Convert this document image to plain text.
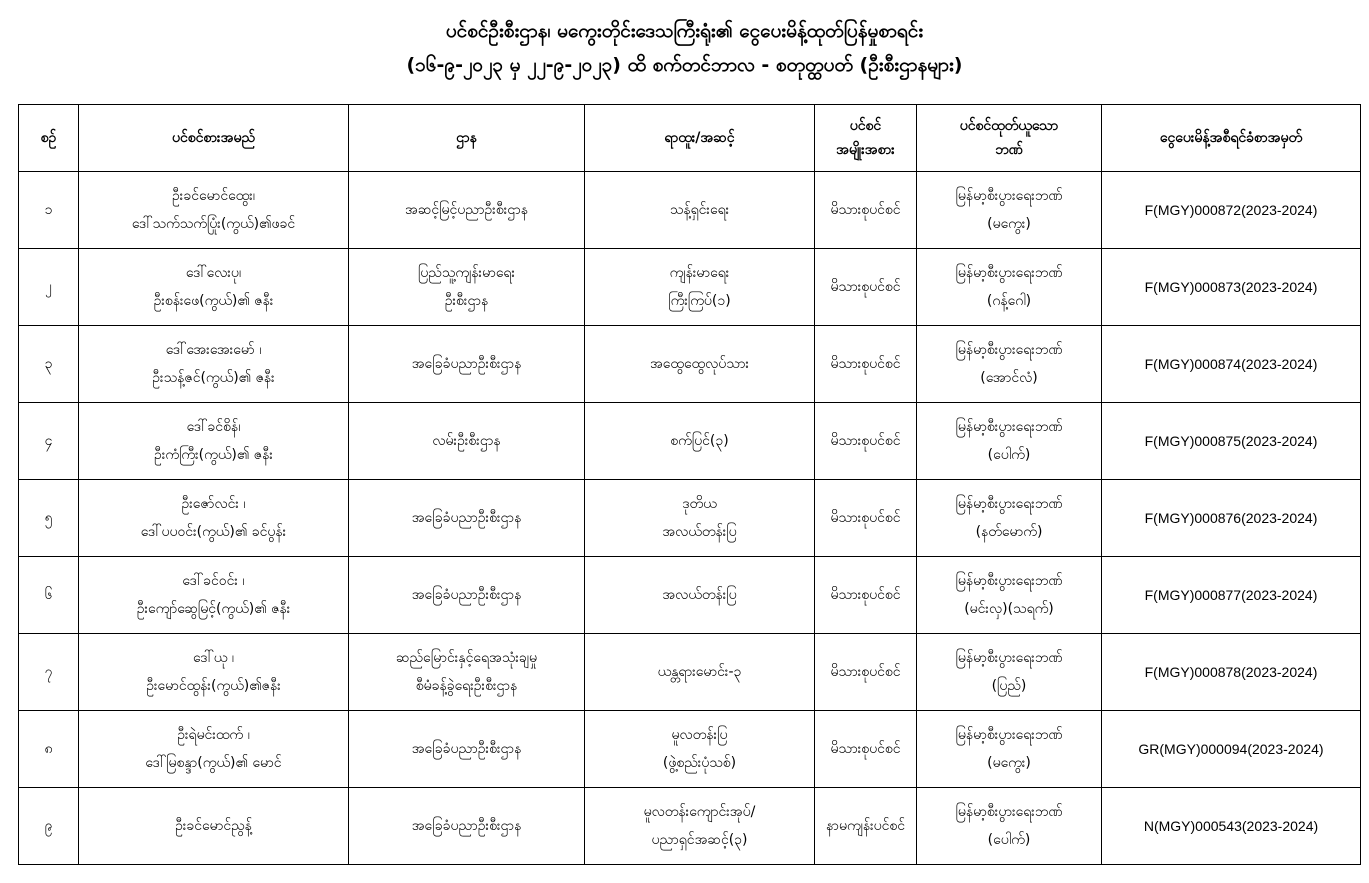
ပင်စင်ဦးစီးဌာန၊ မကွေးတိုင်းဒေသကြီးရုံး၏ ငွေပေးမိန့်ထုတ်ပြန်မှုစာရင်း
(၁၆-၉-၂၀၂၃ မှ ၂၂-၉-၂၀၂၃) ထိ စက်တင်ဘာလ - စတုတ္ထပတ် (ဦးစီးဌာနများ)
စဉ်	ပင်စင်စားအမည်	ဌာန	ရာထူး/အဆင့်	ပင်စင်
အမျိုးအစား	ပင်စင်ထုတ်ယူသော
ဘဏ်	ငွေပေးမိန့်အစီရင်ခံစာအမှတ်
၁	ဦးခင်မောင်ထွေး၊
ဒေါ်သက်သက်ပြုံး(ကွယ်)၏ဖခင်	အဆင့်မြင့်ပညာဦးစီးဌာန	သန့်ရှင်းရေး	မိသားစုပင်စင်	မြန်မာ့စီးပွားရေးဘဏ်
(မကွေး)	F(MGY)000872(2023-2024)
၂	ဒေါ်လေးပု၊
ဦးစန်းဖေ(ကွယ်)၏ ဇနီး	ပြည်သူ့ကျန်းမာရေး
ဦးစီးဌာန	ကျန်းမာရေး
ကြီးကြပ်(၁)	မိသားစုပင်စင်	မြန်မာ့စီးပွားရေးဘဏ်
(ဂန့်ဂေါ)	F(MGY)000873(2023-2024)
၃	ဒေါ်အေးအေးမော် ၊
ဦးသန့်ဇင်(ကွယ်)၏ ဇနီး	အခြေခံပညာဦးစီးဌာန	အထွေထွေလုပ်သား	မိသားစုပင်စင်	မြန်မာ့စီးပွားရေးဘဏ်
(အောင်လံ)	F(MGY)000874(2023-2024)
၄	ဒေါ်ခင်စိန်၊
ဦးကံကြီး(ကွယ်)၏ ဇနီး	လမ်းဦးစီးဌာန	စက်ပြင်(၃)	မိသားစုပင်စင်	မြန်မာ့စီးပွားရေးဘဏ်
(ပေါက်)	F(MGY)000875(2023-2024)
၅	ဦးဇော်လင်း ၊
ဒေါ်ပပဝင်း(ကွယ်)၏ ခင်ပွန်း	အခြေခံပညာဦးစီးဌာန	ဒုတိယ
အလယ်တန်းပြ	မိသားစုပင်စင်	မြန်မာ့စီးပွားရေးဘဏ်
(နတ်မောက်)	F(MGY)000876(2023-2024)
၆	ဒေါ်ခင်ဝင်း ၊
ဦးကျော်ဆွေမြင့်(ကွယ်)၏ ဇနီး	အခြေခံပညာဦးစီးဌာန	အလယ်တန်းပြ	မိသားစုပင်စင်	မြန်မာ့စီးပွားရေးဘဏ်
(မင်းလှ)(သရက်)	F(MGY)000877(2023-2024)
၇	ဒေါ်ယု ၊
ဦးမောင်ထွန်း(ကွယ်)၏ဇနီး	ဆည်မြောင်းနှင့်ရေအသုံးချမှု
စီမံခန့်ခွဲရေးဦးစီးဌာန	ယန္တရားမောင်း-၃	မိသားစုပင်စင်	မြန်မာ့စီးပွားရေးဘဏ်
(ပြည်)	F(MGY)000878(2023-2024)
၈	ဦးရဲမင်းထက် ၊
ဒေါ်မြစန္ဒာ(ကွယ်)၏ မောင်	အခြေခံပညာဦးစီးဌာန	မူလတန်းပြ
(ဖွဲ့စည်းပုံသစ်)	မိသားစုပင်စင်	မြန်မာ့စီးပွားရေးဘဏ်
(မကွေး)	GR(MGY)000094(2023-2024)
၉	ဦးခင်မောင်ညွန့်	အခြေခံပညာဦးစီးဌာန	မူလတန်းကျောင်းအုပ်/
ပညာရှင်အဆင့်(၃)	နာမကျန်းပင်စင်	မြန်မာ့စီးပွားရေးဘဏ်
(ပေါက်)	N(MGY)000543(2023-2024)
